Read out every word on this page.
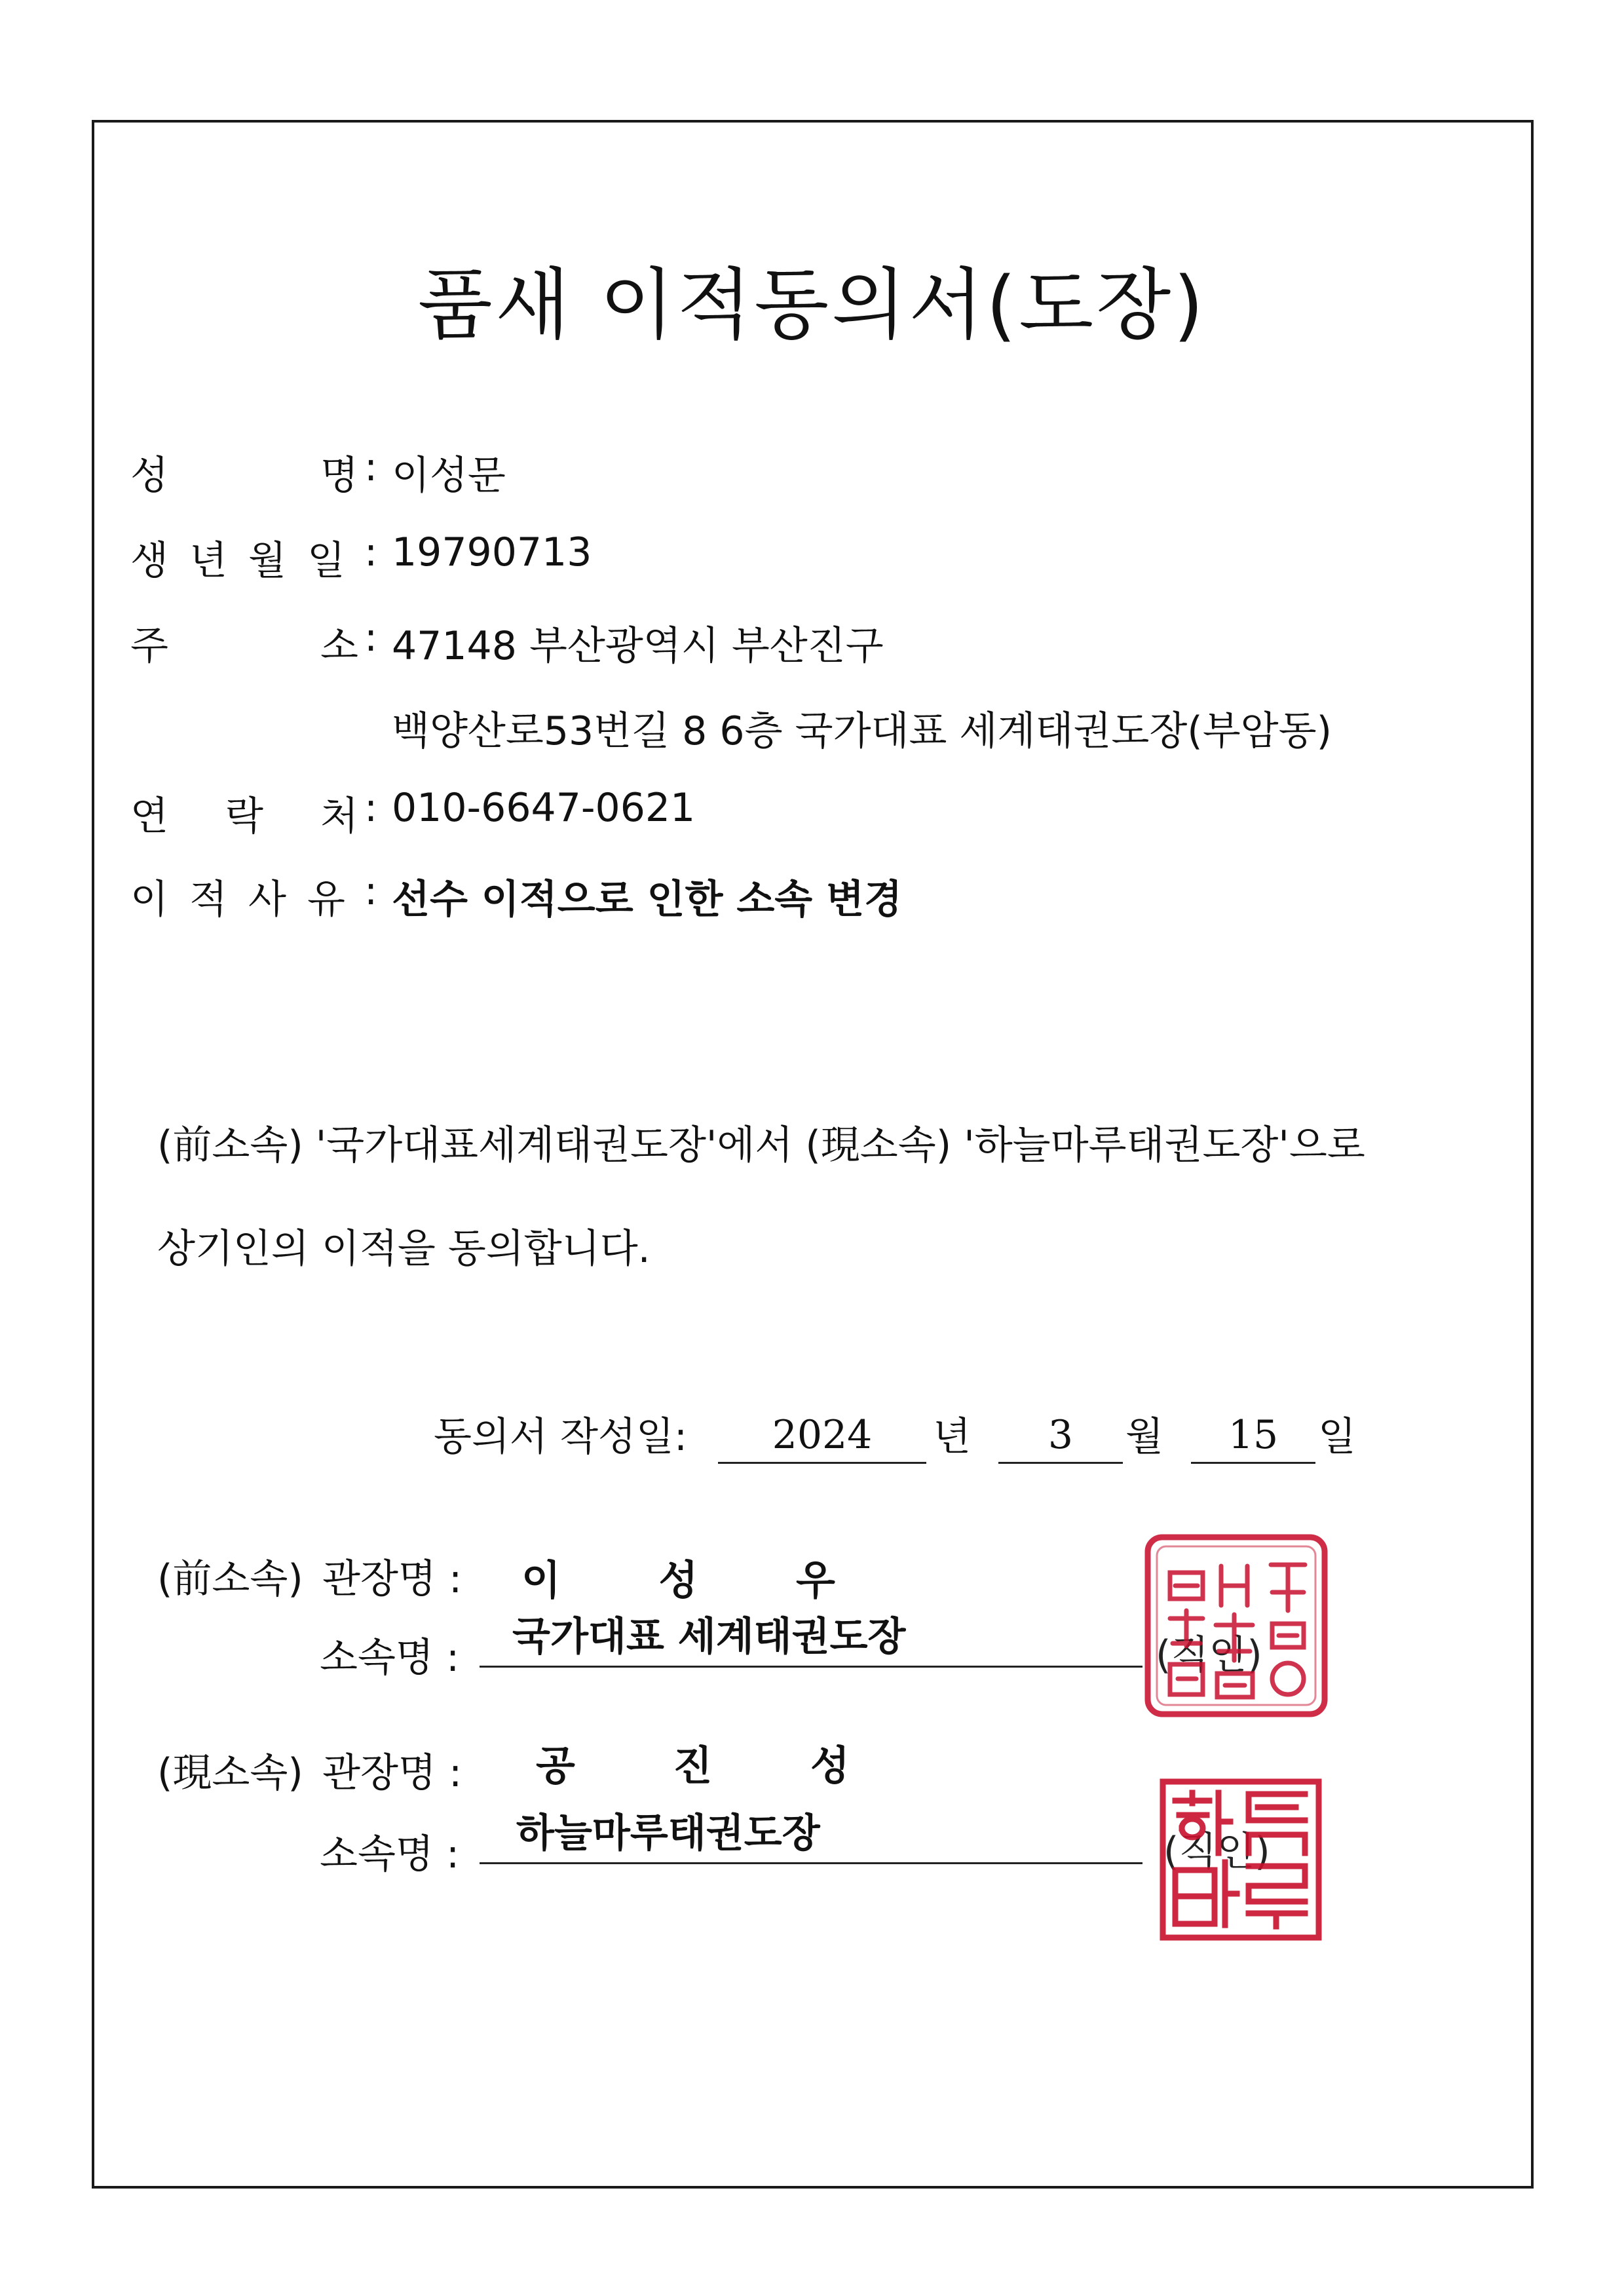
품새 이적동의서(도장)
성	명 : 이성문
생 년 월 일 : 19790713
주	소 : 47148 부산광역시 부산진구
백양산로53번길 8 6층 국가대표 세계태권도장(부암동)
연 락 처 : 010-6647-0621
이 적 사 유 : 선수 이적으로 인한 소속 변경
(前소속) '국가대표세계태권도장'에서 (現소속) '하늘마루태권도장'으로
상기인의 이적을 동의합니다.
동의서 작성일:	2024	년	3	월	15	일
(前소속) 관장명 : 이 성 우
소속명 : 국가대표 세계태권도장	(직인)
(現소속) 관장명 : 공 진 성
소속명 : 하늘마루태권도장	(직인)
